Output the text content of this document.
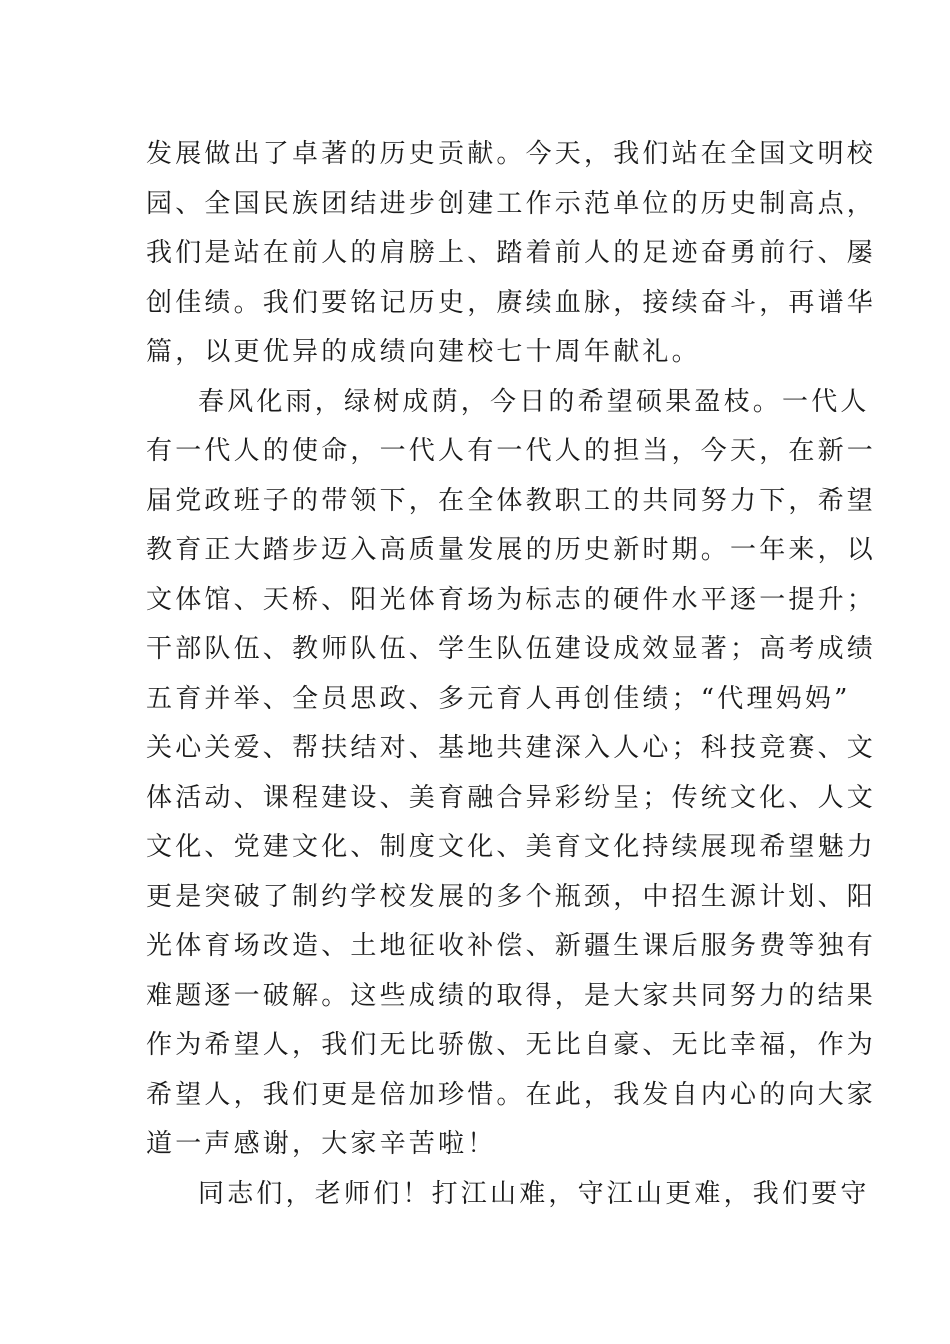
发展做出了卓著的历史贡献。今天，我们站在全国文明校
园、全国民族团结进步创建工作示范单位的历史制高点，
我们是站在前人的肩膀上、踏着前人的足迹奋勇前行、屡
创佳绩。我们要铭记历史，赓续血脉，接续奋斗，再谱华
篇，以更优异的成绩向建校七十周年献礼。
春风化雨，绿树成荫，今日的希望硕果盈枝。一代人
有一代人的使命，一代人有一代人的担当，今天，在新一
届党政班子的带领下，在全体教职工的共同努力下，希望
教育正大踏步迈入高质量发展的历史新时期。一年来，以
文体馆、天桥、阳光体育场为标志的硬件水平逐一提升；
干部队伍、教师队伍、学生队伍建设成效显著；高考成绩
五育并举、全员思政、多元育人再创佳绩；“代理妈妈”
关心关爱、帮扶结对、基地共建深入人心；科技竞赛、文
体活动、课程建设、美育融合异彩纷呈；传统文化、人文
文化、党建文化、制度文化、美育文化持续展现希望魅力
更是突破了制约学校发展的多个瓶颈，中招生源计划、阳
光体育场改造、土地征收补偿、新疆生课后服务费等独有
难题逐一破解。这些成绩的取得，是大家共同努力的结果
作为希望人，我们无比骄傲、无比自豪、无比幸福，作为
希望人，我们更是倍加珍惜。在此，我发自内心的向大家
道一声感谢，大家辛苦啦！
同志们，老师们！打江山难，守江山更难，我们要守
